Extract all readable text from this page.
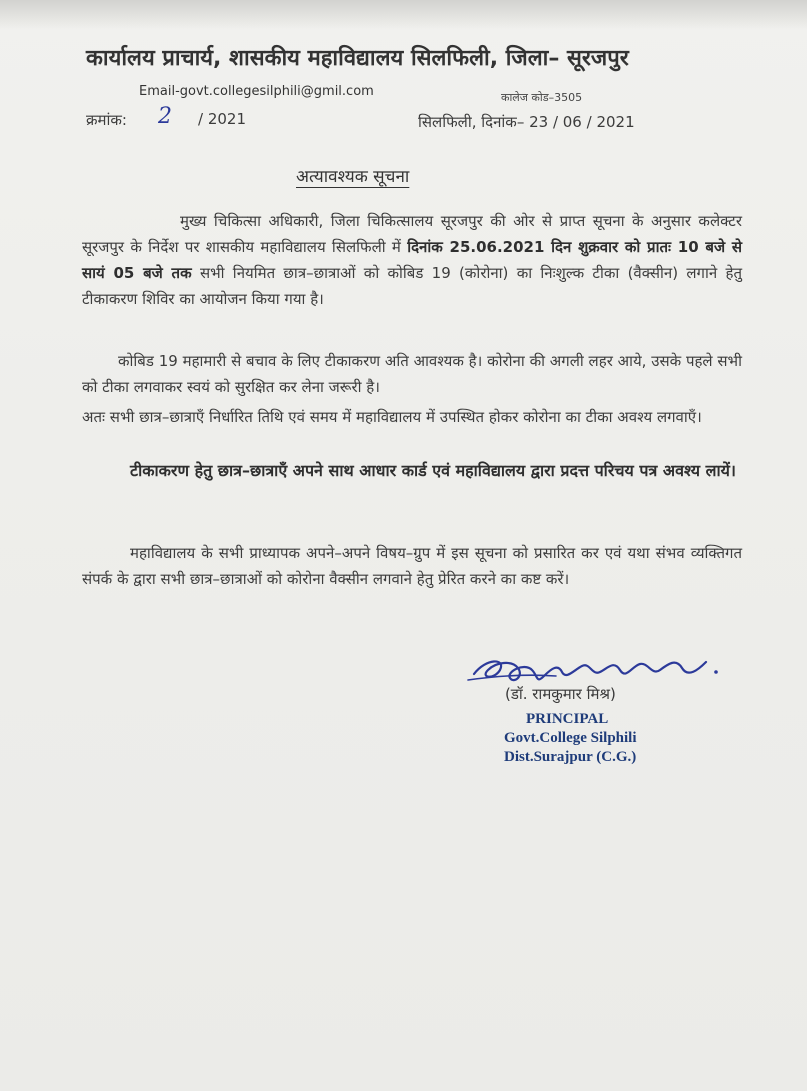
कार्यालय प्राचार्य, शासकीय महाविद्यालय सिलफिली, जिला– सूरजपुर
Email-govt.collegesilphili@gmil.com	कालेज कोड–3505
क्रमांक: 2 / 2021	सिलफिली, दिनांक– 23 / 06 / 2021
अत्यावश्यक सूचना
मुख्य चिकित्सा अधिकारी, जिला चिकित्सालय सूरजपुर की ओर से प्राप्त सूचना के अनुसार कलेक्टर सूरजपुर के निर्देश पर शासकीय महाविद्यालय सिलफिली में दिनांक 25.06.2021 दिन शुक्रवार को प्रातः 10 बजे से सायं 05 बजे तक सभी नियमित छात्र–छात्राओं को कोबिड 19 (कोरोना) का निःशुल्क टीका (वैक्सीन) लगाने हेतु टीकाकरण शिविर का आयोजन किया गया है।
कोबिड 19 महामारी से बचाव के लिए टीकाकरण अति आवश्यक है। कोरोना की अगली लहर आये, उसके पहले सभी को टीका लगवाकर स्वयं को सुरक्षित कर लेना जरूरी है।
अतः सभी छात्र–छात्राएँ निर्धारित तिथि एवं समय में महाविद्यालय में उपस्थित होकर कोरोना का टीका अवश्य लगवाएँ।
टीकाकरण हेतु छात्र–छात्राएँ अपने साथ आधार कार्ड एवं महाविद्यालय द्वारा प्रदत्त परिचय पत्र अवश्य लायें।
महाविद्यालय के सभी प्राध्यापक अपने–अपने विषय–ग्रुप में इस सूचना को प्रसारित कर एवं यथा संभव व्यक्तिगत संपर्क के द्वारा सभी छात्र–छात्राओं को कोरोना वैक्सीन लगवाने हेतु प्रेरित करने का कष्ट करें।
(डॉ. रामकुमार मिश्र)
PRINCIPAL
Govt.College Silphili
Dist.Surajpur (C.G.)
